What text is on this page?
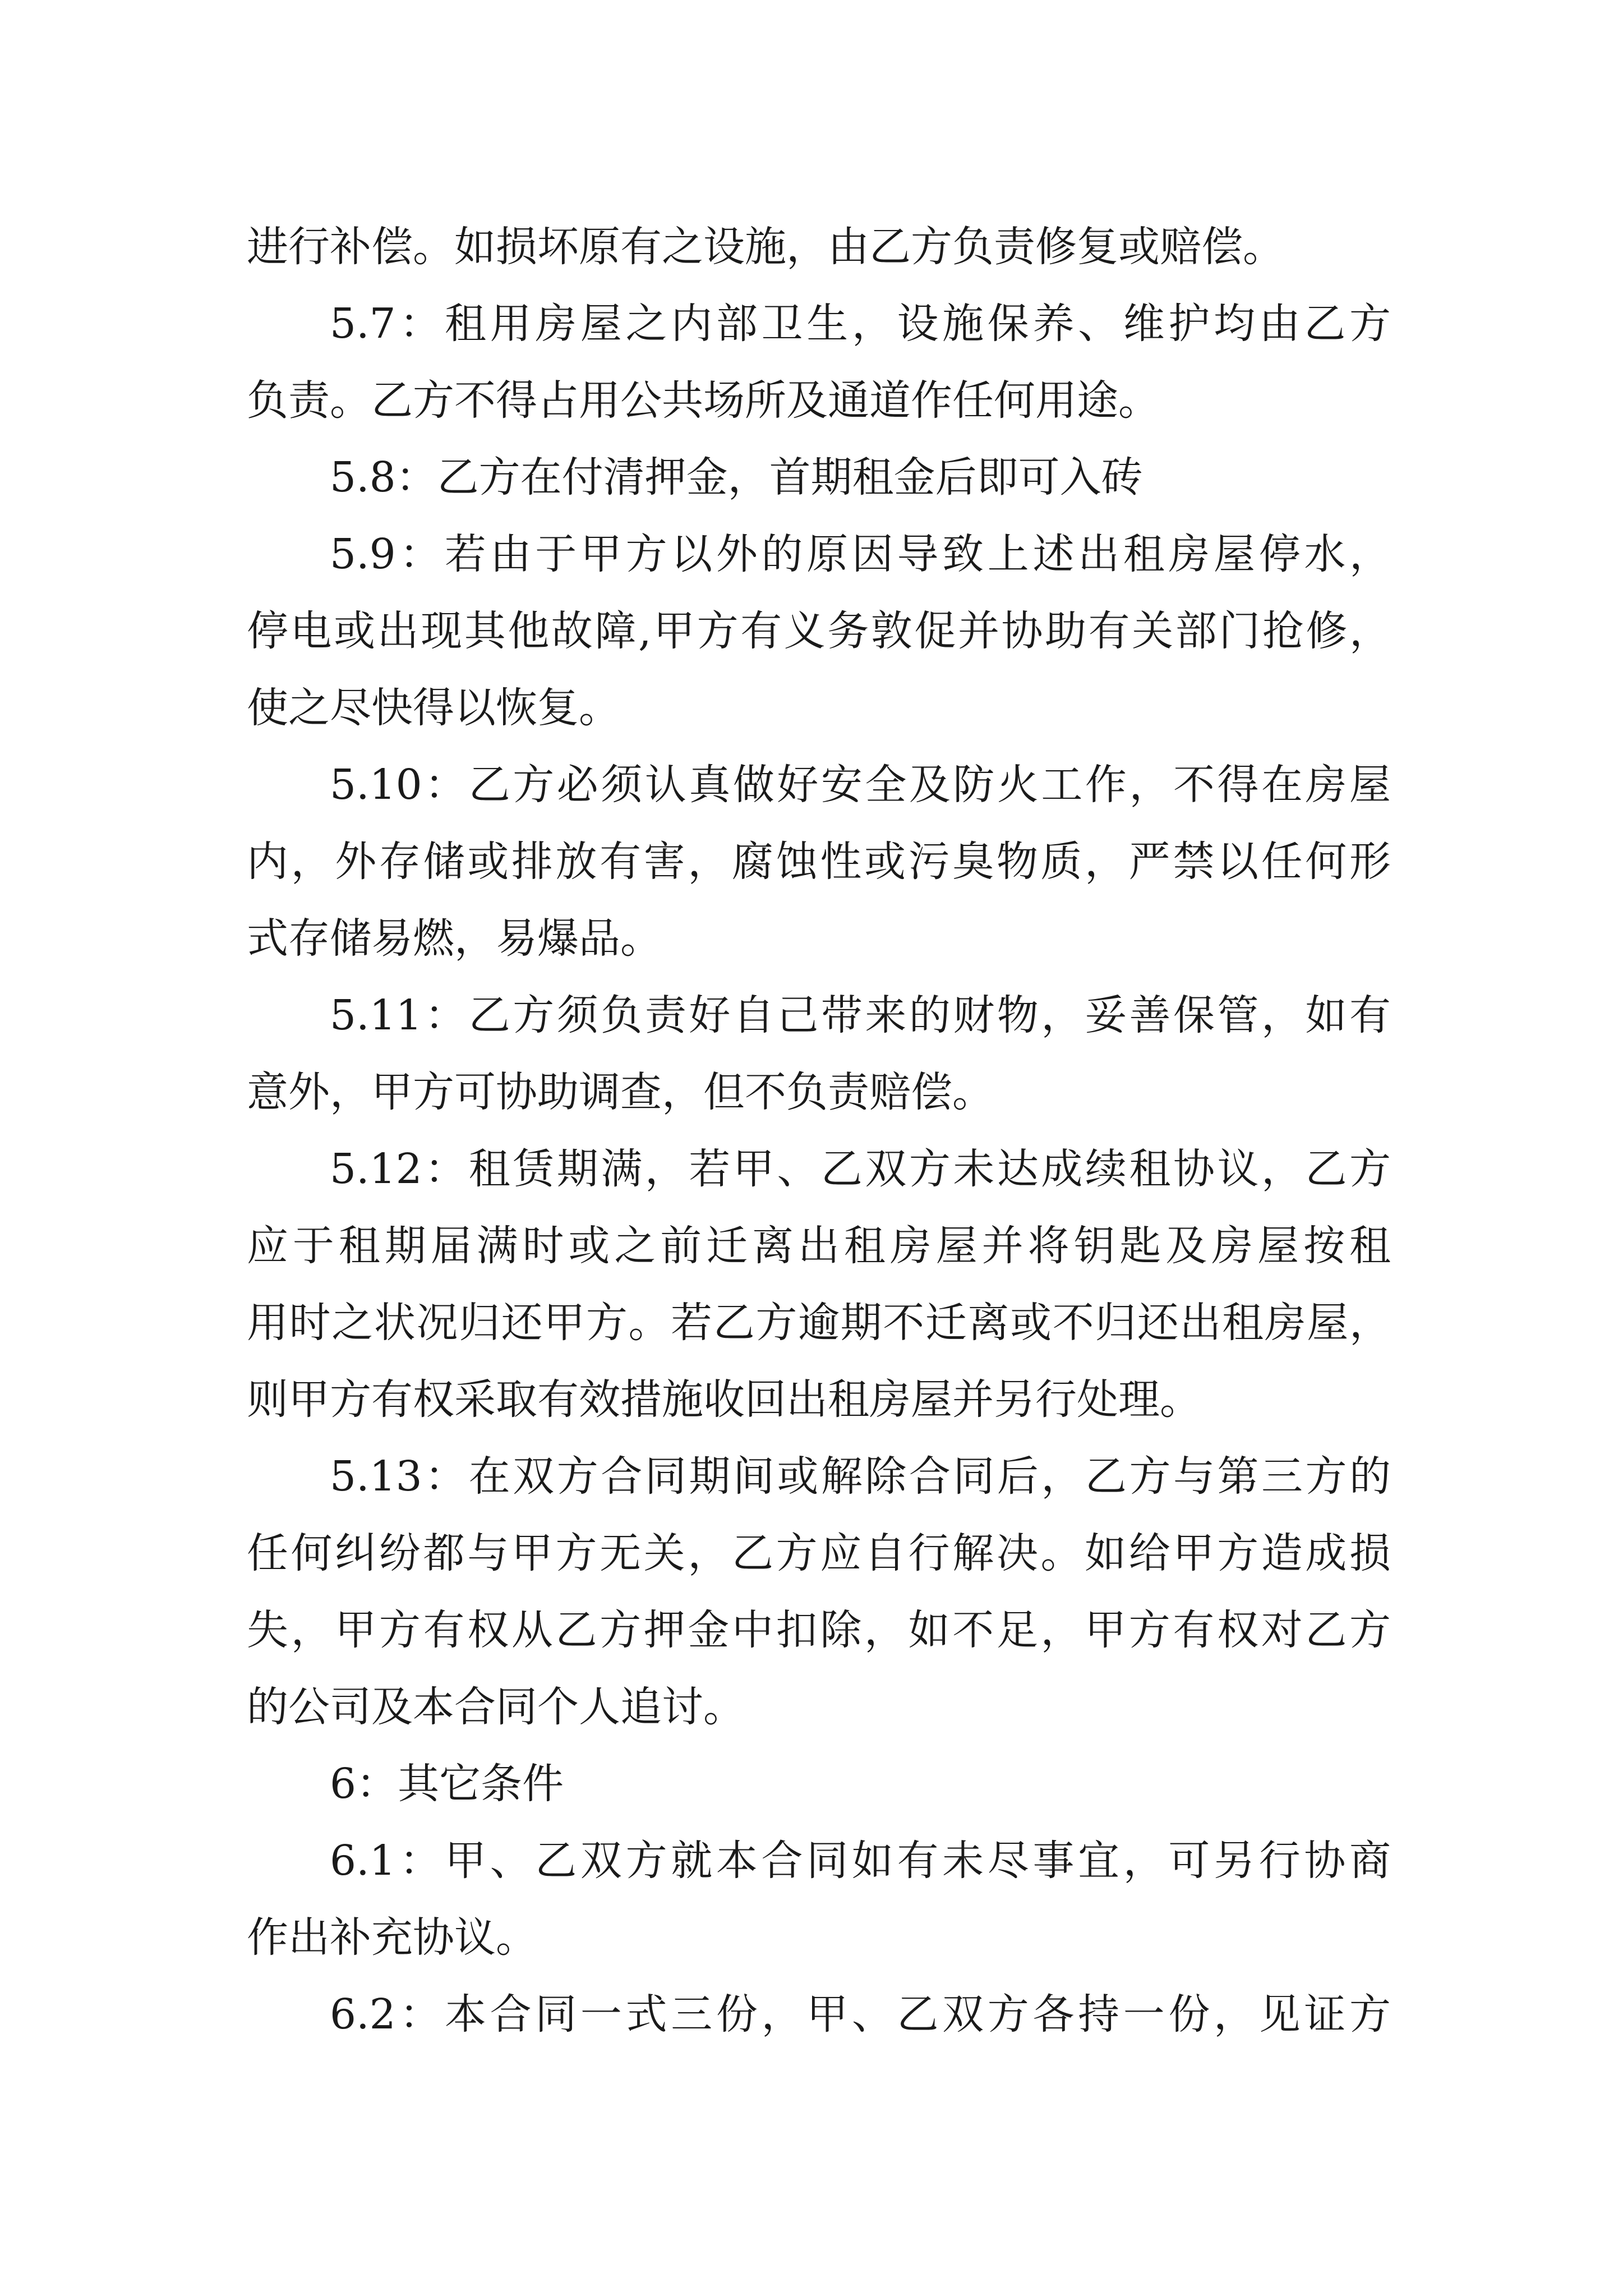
进行补偿。如损坏原有之设施，由乙方负责修复或赔偿。
5.7：租用房屋之内部卫生，设施保养、维护均由乙方
负责。乙方不得占用公共场所及通道作任何用途。
5.8：乙方在付清押金，首期租金后即可入砖
5.9：若由于甲方以外的原因导致上述出租房屋停水，
停电或出现其他故障,甲方有义务敦促并协助有关部门抢修，
使之尽快得以恢复。
5.10：乙方必须认真做好安全及防火工作，不得在房屋
内，外存储或排放有害，腐蚀性或污臭物质，严禁以任何形
式存储易燃，易爆品。
5.11：乙方须负责好自己带来的财物，妥善保管，如有
意外，甲方可协助调查，但不负责赔偿。
5.12：租赁期满，若甲、乙双方未达成续租协议，乙方
应于租期届满时或之前迁离出租房屋并将钥匙及房屋按租
用时之状况归还甲方。若乙方逾期不迁离或不归还出租房屋，
则甲方有权采取有效措施收回出租房屋并另行处理。
5.13：在双方合同期间或解除合同后，乙方与第三方的
任何纠纷都与甲方无关，乙方应自行解决。如给甲方造成损
失，甲方有权从乙方押金中扣除，如不足，甲方有权对乙方
的公司及本合同个人追讨。
6：其它条件
6.1：甲、乙双方就本合同如有未尽事宜，可另行协商
作出补充协议。
6.2：本合同一式三份，甲、乙双方各持一份，见证方
